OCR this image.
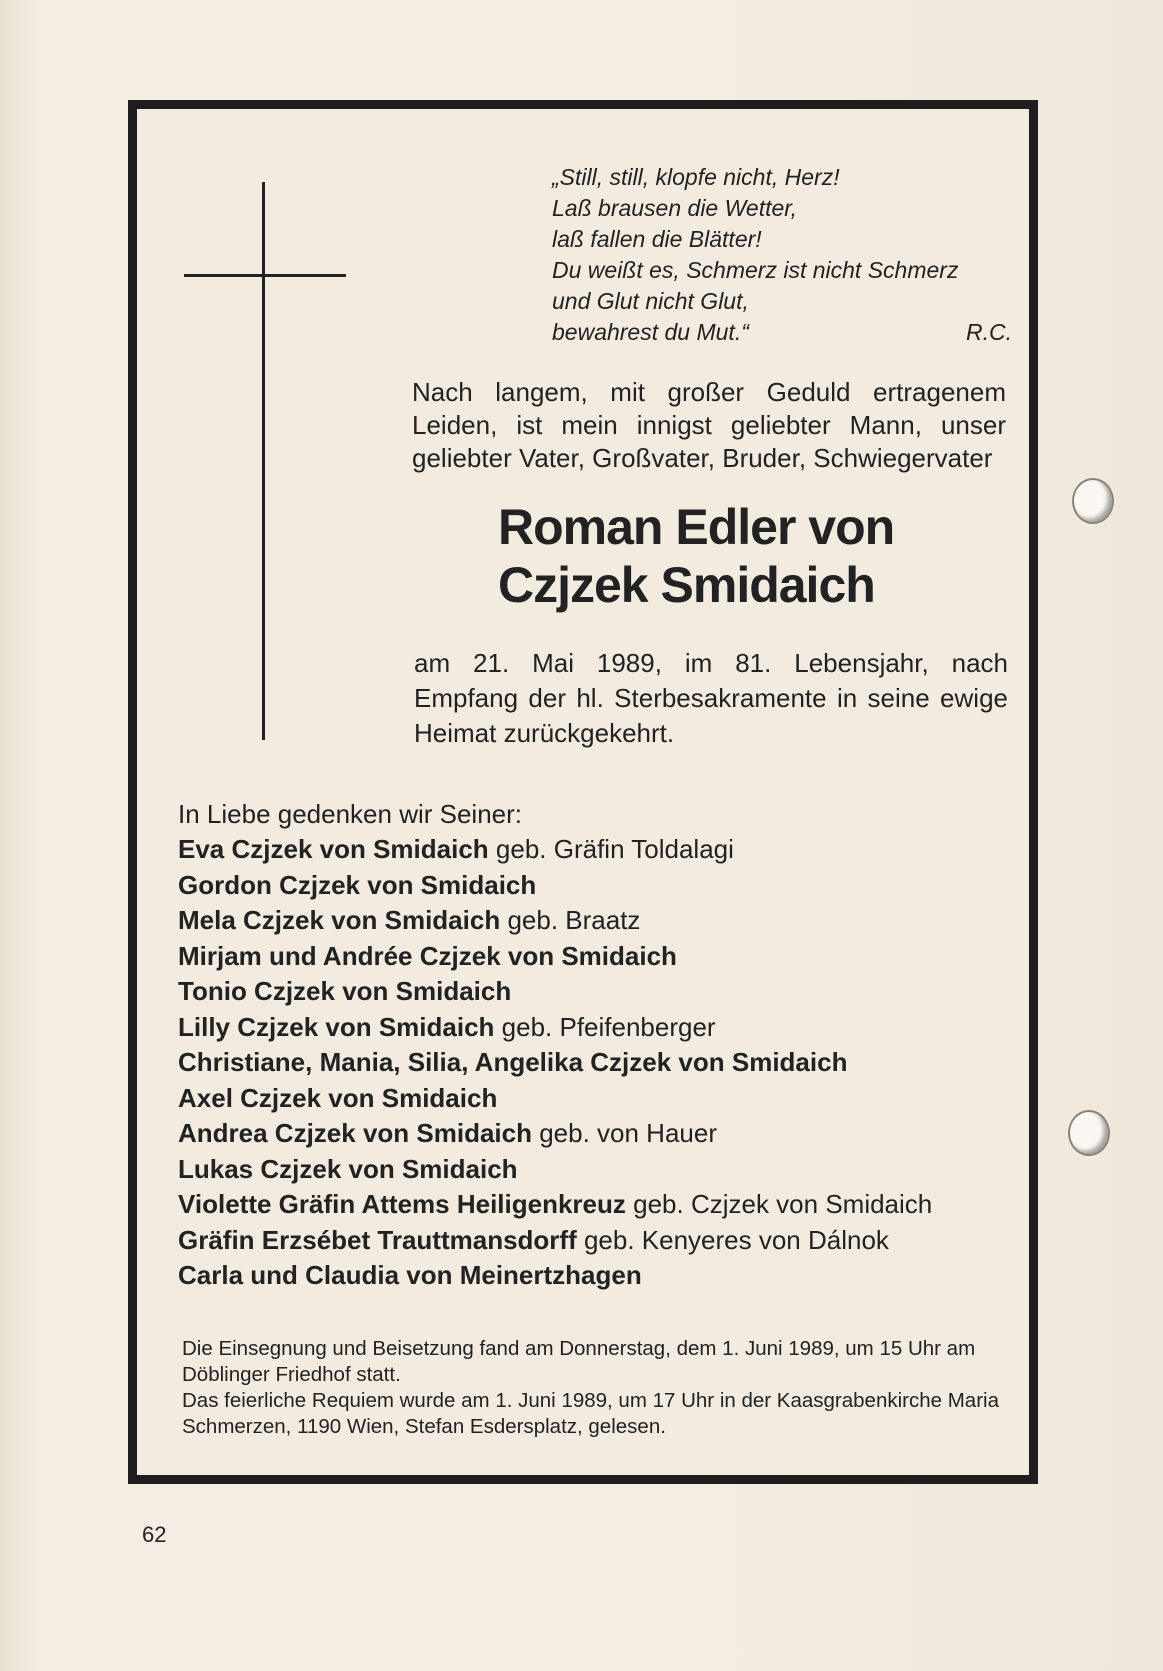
„Still, still, klopfe nicht, Herz!
Laß brausen die Wetter,
laß fallen die Blätter!
Du weißt es, Schmerz ist nicht Schmerz
und Glut nicht Glut,
bewahrest du Mut.“	R.C.
Nach langem, mit großer Geduld ertragenem Leiden, ist mein innigst geliebter Mann, unser geliebter Vater, Großvater, Bruder, Schwiegervater
Roman Edler von
Czjzek Smidaich
am 21. Mai 1989, im 81. Lebensjahr, nach Empfang der hl. Sterbesakramente in seine ewige Heimat zurückgekehrt.
In Liebe gedenken wir Seiner:
Eva Czjzek von Smidaich geb. Gräfin Toldalagi
Gordon Czjzek von Smidaich
Mela Czjzek von Smidaich geb. Braatz
Mirjam und Andrée Czjzek von Smidaich
Tonio Czjzek von Smidaich
Lilly Czjzek von Smidaich geb. Pfeifenberger
Christiane, Mania, Silia, Angelika Czjzek von Smidaich
Axel Czjzek von Smidaich
Andrea Czjzek von Smidaich geb. von Hauer
Lukas Czjzek von Smidaich
Violette Gräfin Attems Heiligenkreuz geb. Czjzek von Smidaich
Gräfin Erzsébet Trauttmansdorff geb. Kenyeres von Dálnok
Carla und Claudia von Meinertzhagen

Die Einsegnung und Beisetzung fand am Donnerstag, dem 1. Juni 1989, um 15 Uhr am Döblinger Friedhof statt.

Das feierliche Requiem wurde am 1. Juni 1989, um 17 Uhr in der Kaasgrabenkirche Maria Schmerzen, 1190 Wien, Stefan Esdersplatz, gelesen.

62
